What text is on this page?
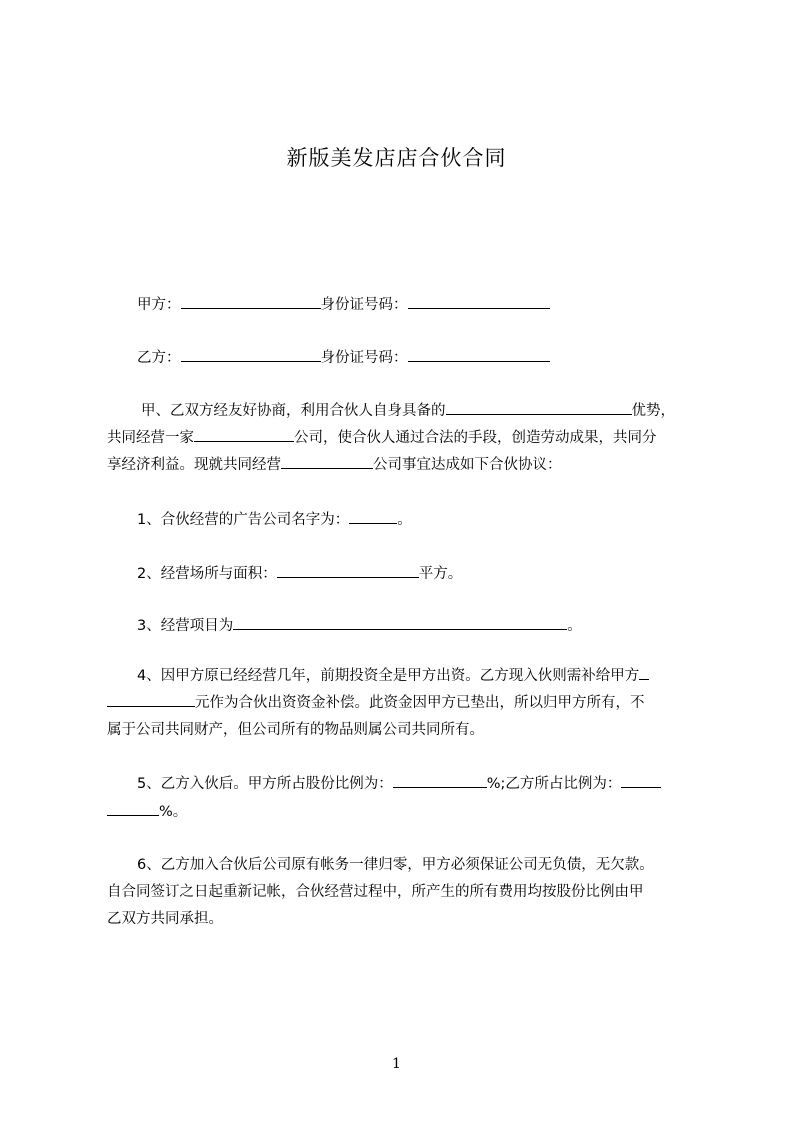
新版美发店店合伙合同
甲方：	身份证号码：
乙方：	身份证号码：
甲、乙双方经友好协商，利用合伙人自身具备的	优势，
共同经营一家	公司，使合伙人通过合法的手段，创造劳动成果，共同分
享经济利益。现就共同经营	公司事宜达成如下合伙协议：
1、合伙经营的广告公司名字为：	。
2、经营场所与面积：	平方。
3、经营项目为	。
4、因甲方原已经经营几年，前期投资全是甲方出资。乙方现入伙则需补给甲方
元作为合伙出资资金补偿。此资金因甲方已垫出，所以归甲方所有，不
属于公司共同财产，但公司所有的物品则属公司共同所有。
5、乙方入伙后。甲方所占股份比例为：	%;乙方所占比例为：
%。
6、乙方加入合伙后公司原有帐务一律归零，甲方必须保证公司无负债，无欠款。
自合同签订之日起重新记帐，合伙经营过程中，所产生的所有费用均按股份比例由甲
乙双方共同承担。
1
